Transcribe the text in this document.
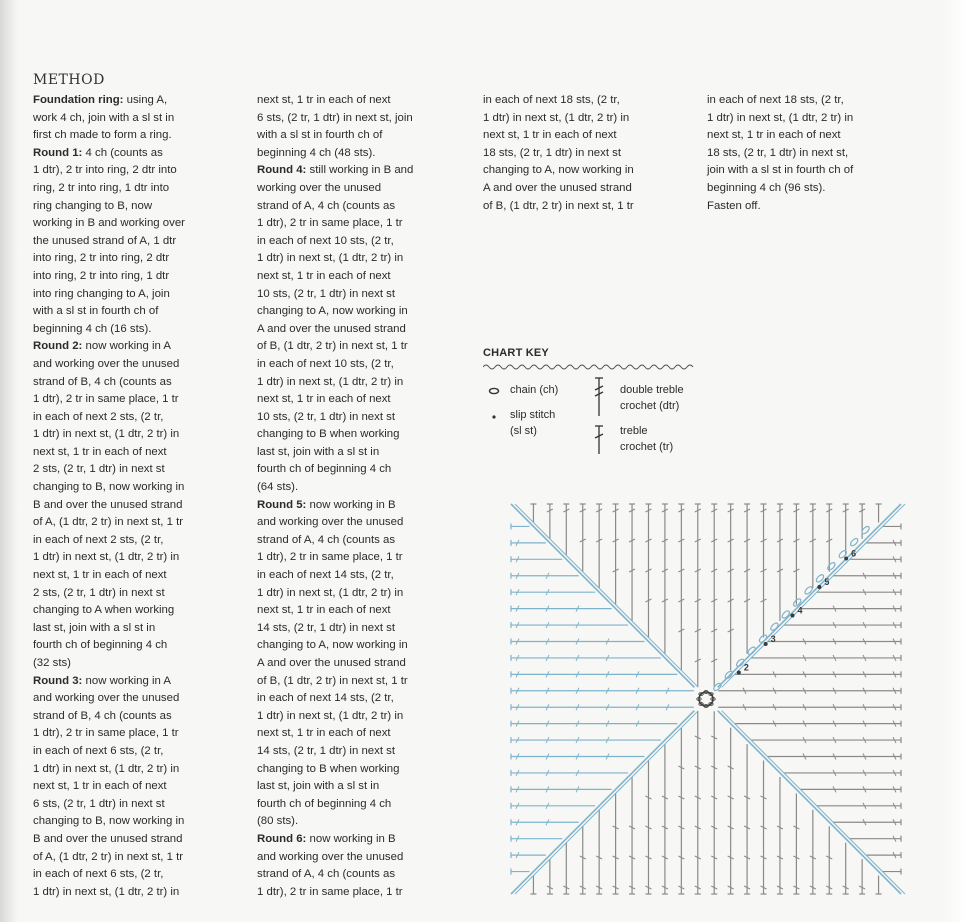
METHOD

Foundation ring: using A,

work 4 ch, join with a sl st in

first ch made to form a ring.

Round 1: 4 ch (counts as

1 dtr), 2 tr into ring, 2 dtr into

ring, 2 tr into ring, 1 dtr into

ring changing to B, now

working in B and working over

the unused strand of A, 1 dtr

into ring, 2 tr into ring, 2 dtr

into ring, 2 tr into ring, 1 dtr

into ring changing to A, join

with a sl st in fourth ch of

beginning 4 ch (16 sts).

Round 2: now working in A

and working over the unused

strand of B, 4 ch (counts as

1 dtr), 2 tr in same place, 1 tr

in each of next 2 sts, (2 tr,

1 dtr) in next st, (1 dtr, 2 tr) in

next st, 1 tr in each of next

2 sts, (2 tr, 1 dtr) in next st

changing to B, now working in

B and over the unused strand

of A, (1 dtr, 2 tr) in next st, 1 tr

in each of next 2 sts, (2 tr,

1 dtr) in next st, (1 dtr, 2 tr) in

next st, 1 tr in each of next

2 sts, (2 tr, 1 dtr) in next st

changing to A when working

last st, join with a sl st in

fourth ch of beginning 4 ch

(32 sts)

Round 3: now working in A

and working over the unused

strand of B, 4 ch (counts as

1 dtr), 2 tr in same place, 1 tr

in each of next 6 sts, (2 tr,

1 dtr) in next st, (1 dtr, 2 tr) in

next st, 1 tr in each of next

6 sts, (2 tr, 1 dtr) in next st

changing to B, now working in

B and over the unused strand

of A, (1 dtr, 2 tr) in next st, 1 tr

in each of next 6 sts, (2 tr,

1 dtr) in next st, (1 dtr, 2 tr) in

next st, 1 tr in each of next

6 sts, (2 tr, 1 dtr) in next st, join

with a sl st in fourth ch of

beginning 4 ch (48 sts).

Round 4: still working in B and

working over the unused

strand of A, 4 ch (counts as

1 dtr), 2 tr in same place, 1 tr

in each of next 10 sts, (2 tr,

1 dtr) in next st, (1 dtr, 2 tr) in

next st, 1 tr in each of next

10 sts, (2 tr, 1 dtr) in next st

changing to A, now working in

A and over the unused strand

of B, (1 dtr, 2 tr) in next st, 1 tr

in each of next 10 sts, (2 tr,

1 dtr) in next st, (1 dtr, 2 tr) in

next st, 1 tr in each of next

10 sts, (2 tr, 1 dtr) in next st

changing to B when working

last st, join with a sl st in

fourth ch of beginning 4 ch

(64 sts).

Round 5: now working in B

and working over the unused

strand of A, 4 ch (counts as

1 dtr), 2 tr in same place, 1 tr

in each of next 14 sts, (2 tr,

1 dtr) in next st, (1 dtr, 2 tr) in

next st, 1 tr in each of next

14 sts, (2 tr, 1 dtr) in next st

changing to A, now working in

A and over the unused strand

of B, (1 dtr, 2 tr) in next st, 1 tr

in each of next 14 sts, (2 tr,

1 dtr) in next st, (1 dtr, 2 tr) in

next st, 1 tr in each of next

14 sts, (2 tr, 1 dtr) in next st

changing to B when working

last st, join with a sl st in

fourth ch of beginning 4 ch

(80 sts).

Round 6: now working in B

and working over the unused

strand of A, 4 ch (counts as

1 dtr), 2 tr in same place, 1 tr

in each of next 18 sts, (2 tr,

1 dtr) in next st, (1 dtr, 2 tr) in

next st, 1 tr in each of next

18 sts, (2 tr, 1 dtr) in next st

changing to A, now working in

A and over the unused strand

of B, (1 dtr, 2 tr) in next st, 1 tr

in each of next 18 sts, (2 tr,

1 dtr) in next st, (1 dtr, 2 tr) in

next st, 1 tr in each of next

18 sts, (2 tr, 1 dtr) in next st,

join with a sl st in fourth ch of

beginning 4 ch (96 sts).

Fasten off.

CHART KEY
chain (ch)
slip stitch
(sl st)
double treble
crochet (dtr)
treble
crochet (tr)
2
3
4
5
6
